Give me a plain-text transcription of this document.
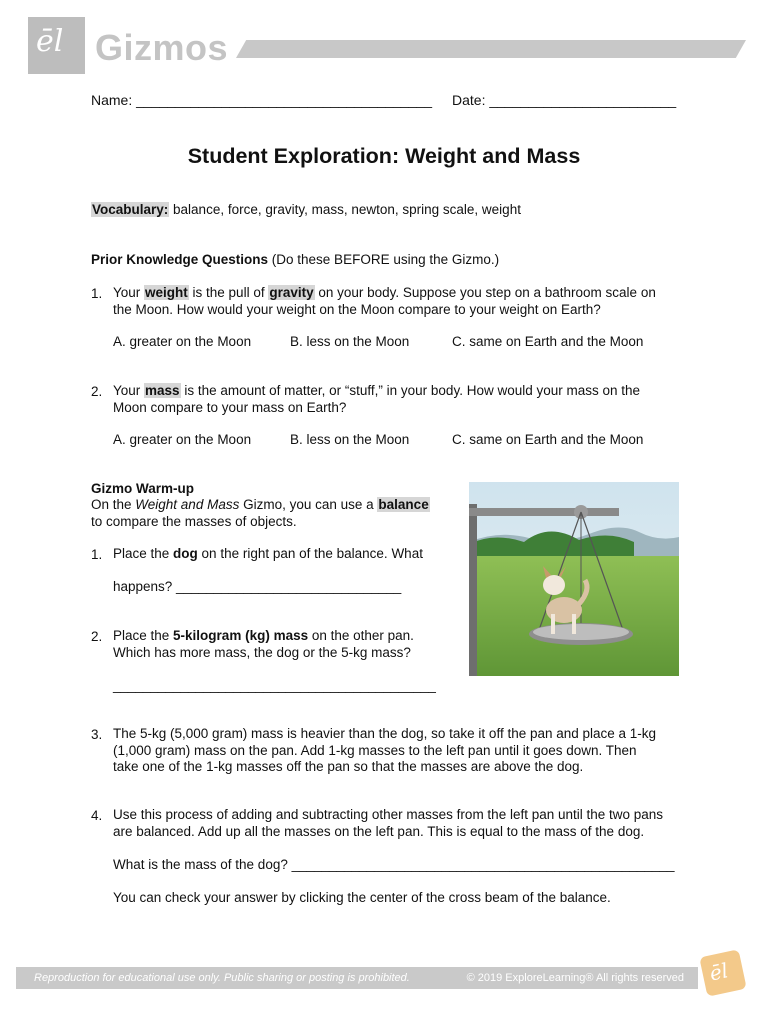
ēl Gizmos
Name: ______________________________________ Date: ________________________
Student Exploration: Weight and Mass
Vocabulary: balance, force, gravity, mass, newton, spring scale, weight
Prior Knowledge Questions (Do these BEFORE using the Gizmo.)
1. Your weight is the pull of gravity on your body. Suppose you step on a bathroom scale on
the Moon. How would your weight on the Moon compare to your weight on Earth?
A. greater on the Moon	B. less on the Moon	C. same on Earth and the Moon
2. Your mass is the amount of matter, or “stuff,” in your body. How would your mass on the
Moon compare to your mass on Earth?
A. greater on the Moon	B. less on the Moon	C. same on Earth and the Moon
Gizmo Warm-up
On the Weight and Mass Gizmo, you can use a balance
to compare the masses of objects.
1. Place the dog on the right pan of the balance. What
happens? ______________________________
2. Place the 5-kilogram (kg) mass on the other pan.
Which has more mass, the dog or the 5-kg mass?
___________________________________________
3. The 5-kg (5,000 gram) mass is heavier than the dog, so take it off the pan and place a 1-kg
(1,000 gram) mass on the pan. Add 1-kg masses to the left pan until it goes down. Then
take one of the 1-kg masses off the pan so that the masses are above the dog.
4. Use this process of adding and subtracting other masses from the left pan until the two pans
are balanced. Add up all the masses on the left pan. This is equal to the mass of the dog.
What is the mass of the dog? ___________________________________________________
You can check your answer by clicking the center of the cross beam of the balance.
Reproduction for educational use only. Public sharing or posting is prohibited.	© 2019 ExploreLearning® All rights reserved ēl
